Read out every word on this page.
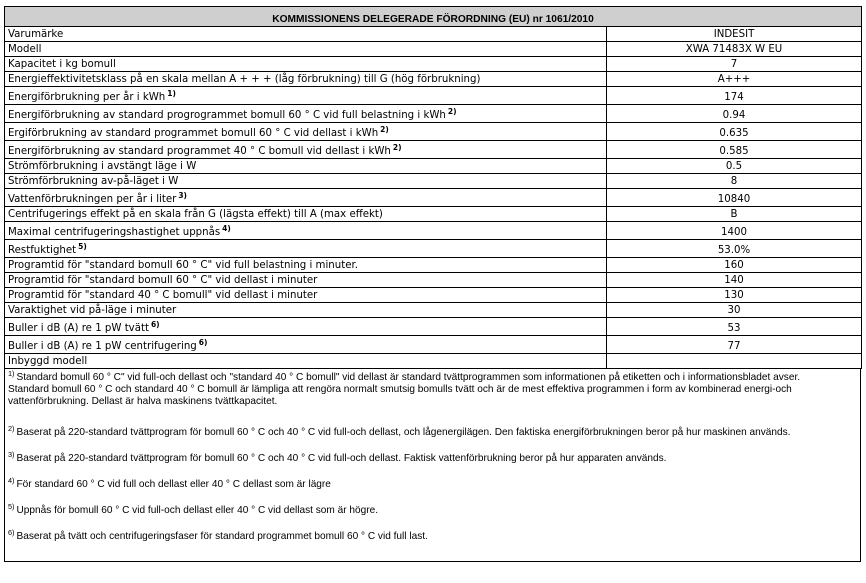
KOMMISSIONENS DELEGERADE FÖRORDNING (EU) nr 1061/2010	
Varumärke	INDESIT
Modell	XWA 71483X W EU
Kapacitet i kg bomull	7
Energieffektivitetsklass på en skala mellan A + + + (låg förbrukning) till G (hög förbrukning)	A+++
Energiförbrukning per år i kWh $^{1)}$	174
Energiförbrukning av standard progrogrammet bomull 60 ° C vid full belastning i kWh $^{2)}$	0.94
Ergiförbrukning av standard programmet bomull 60 ° C vid dellast i kWh $^{2)}$	0.635
Energiförbrukning av standard programmet 40 ° C bomull vid dellast i kWh $^{2)}$	0.585
Strömförbrukning i avstängt läge i W	0.5
Strömförbrukning av-på-läget i W	8
Vattenförbrukningen per år i liter $^{3)}$	10840
Centrifugerings effekt på en skala från G (lägsta effekt) till A (max effekt)	B
Maximal centrifugeringshastighet uppnås $^{4)}$	1400
Restfuktighet $^{5)}$	53.0%
Programtid för "standard bomull 60 ° C" vid full belastning i minuter.	160
Programtid för "standard bomull 60 ° C" vid dellast i minuter	140
Programtid för "standard 40 ° C bomull" vid dellast i minuter	130
Varaktighet vid på-läge i minuter	30
Buller i dB (A) re 1 pW tvätt $^{6)}$	53
Buller i dB (A) re 1 pW centrifugering $^{6)}$	77
Inbyggd modell	
$^{1)}$ Standard bomull 60 ° C" vid full-och dellast och "standard 40 ° C bomull" vid dellast är standard tvättprogrammen som informationen på etiketten och i informationsbladet avser.
Standard bomull 60 ° C och standard 40 ° C bomull är lämpliga att rengöra normalt smutsig bomulls tvätt och är de mest effektiva programmen i form av kombinerad energi-och
vattenförbrukning. Dellast är halva maskinens tvättkapacitet.
$^{2)}$ Baserat på 220-standard tvättprogram för bomull 60 ° C och 40 ° C vid full-och dellast, och lågenergilägen. Den faktiska energiförbrukningen beror på hur maskinen används.
$^{3)}$ Baserat på 220-standard tvättprogram för bomull 60 ° C och 40 ° C vid full-och dellast. Faktisk vattenförbrukning beror på hur apparaten används.
$^{4)}$ För standard 60 ° C vid full och dellast eller 40 ° C dellast som är lägre
$^{5)}$ Uppnås för bomull 60 ° C vid full-och dellast eller 40 ° C vid dellast som är högre.
$^{6)}$ Baserat på tvätt och centrifugeringsfaser för standard programmet bomull 60 ° C vid full last.
